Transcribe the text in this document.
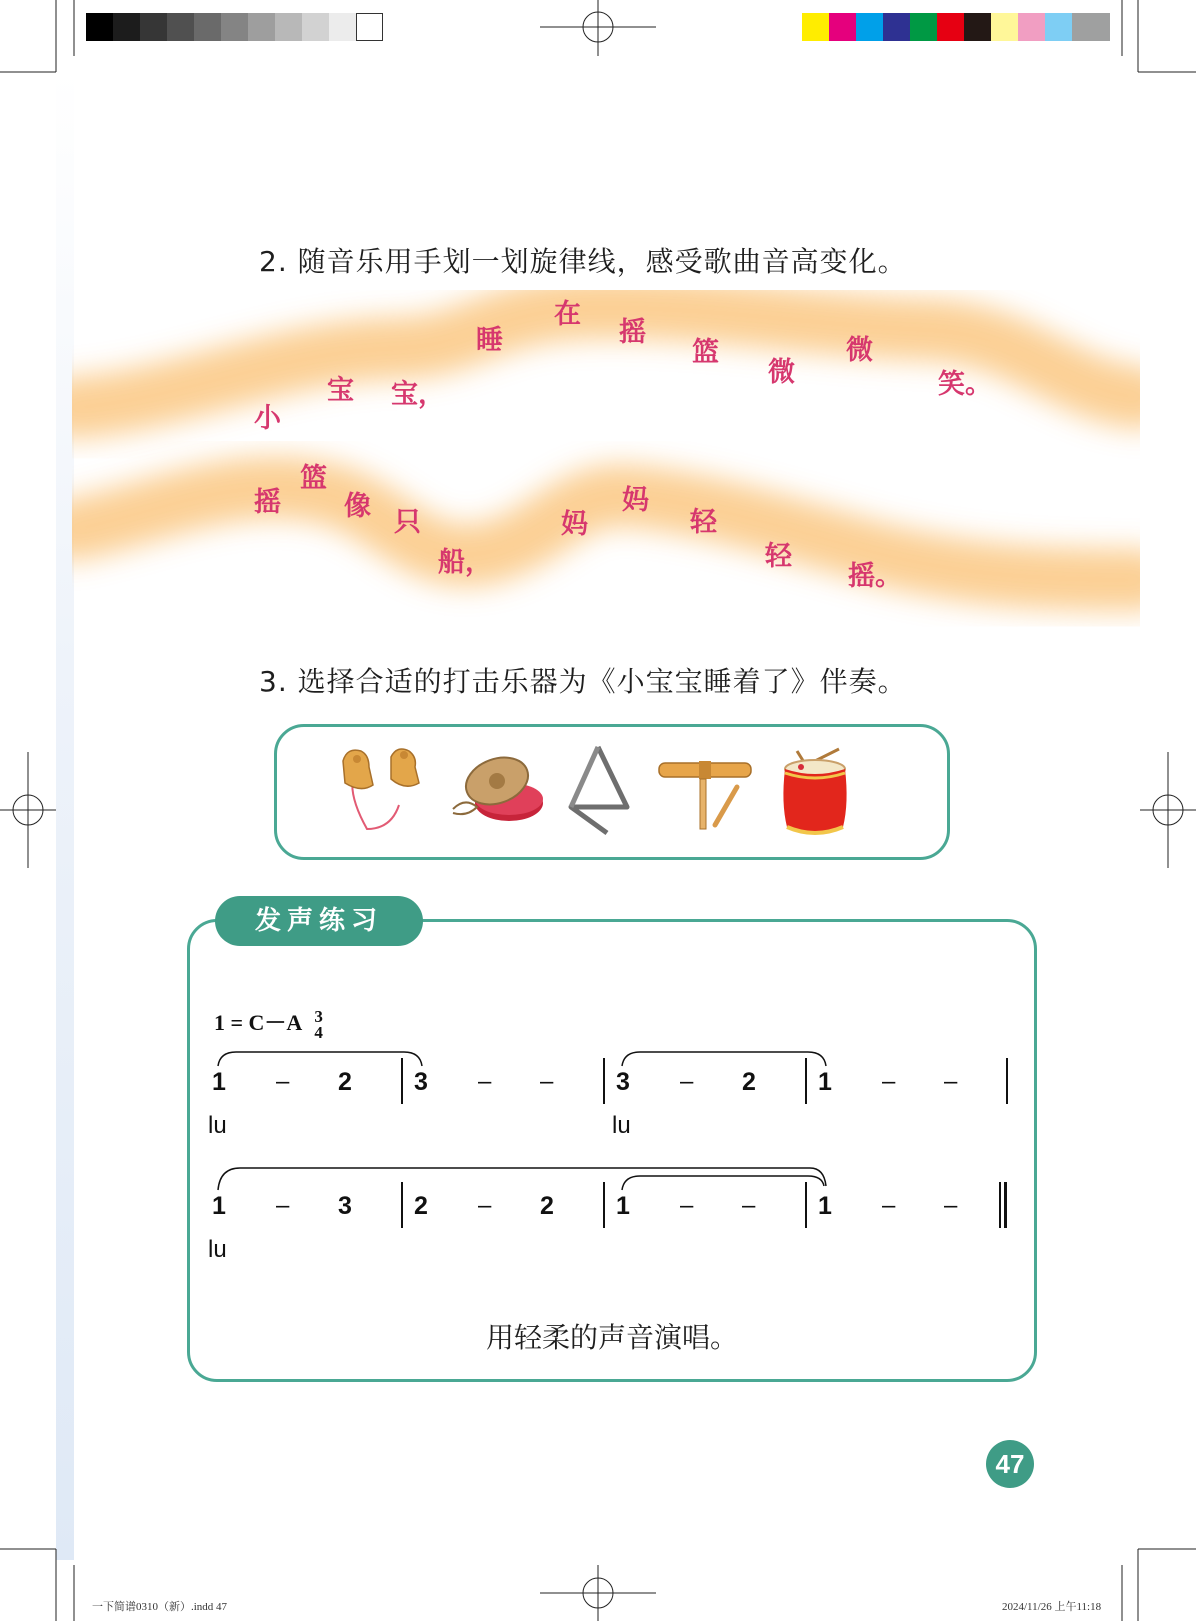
2. 随音乐用手划一划旋律线，感受歌曲音高变化。
小
宝 宝，
睡
在
摇
篮
微
微
笑。
摇
篮
像
只
船，
妈
妈
轻
轻
摇。
3. 选择合适的打击乐器为《小宝宝睡着了》伴奏。
发声练习
1 = C－A 3
4
1 – 2 3 – –	3 – 2 1 – –
lu	lu
1 – 3 2 – 2 1 – –	1 – –
lu
用轻柔的声音演唱。
47
一下简谱0310（新）.indd 47	2024/11/26 上午11:18
